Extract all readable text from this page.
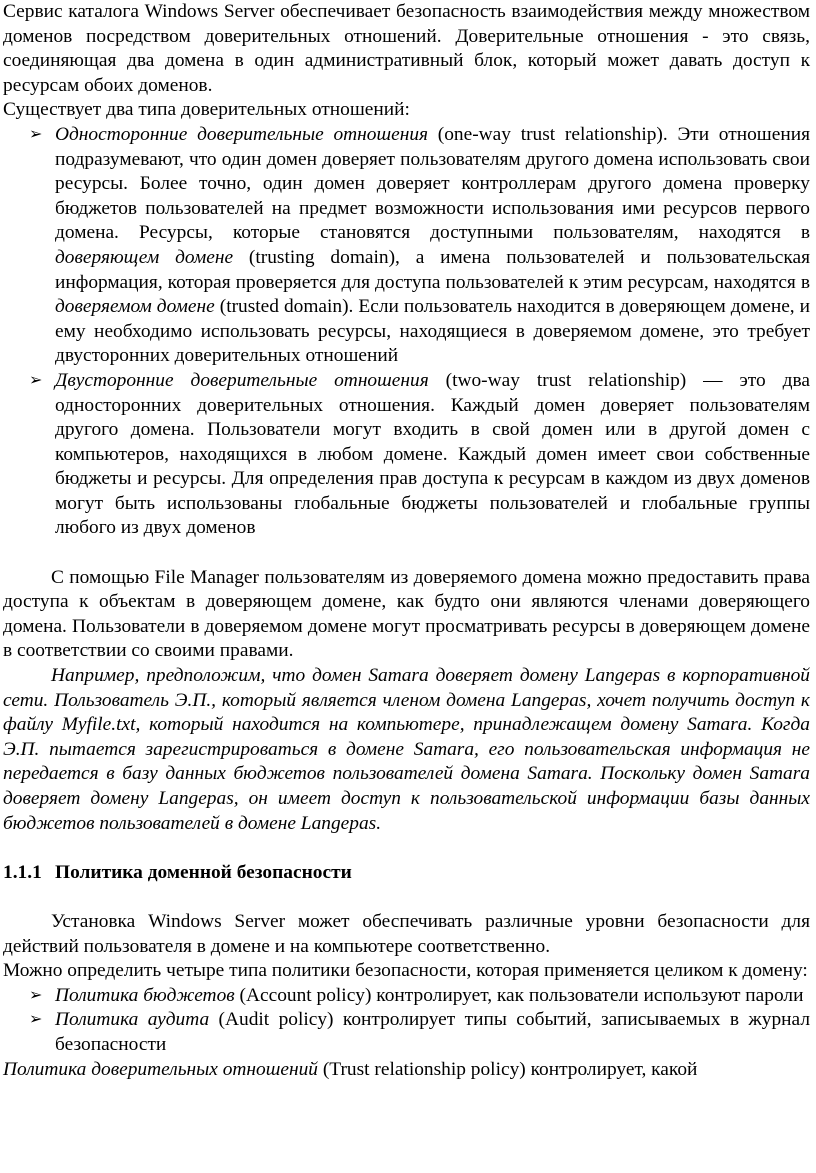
Сервис каталога Windows Server обеспечивает безопасность взаимодействия между множеством доменов посредством доверительных отношений. Доверительные отношения - это связь, соединяющая два домена в один административный блок, который может давать доступ к ресурсам обоих доменов.

Существует два типа доверительных отношений:

➢ Односторонние доверительные отношения (one-way trust relationship). Эти отношения подразумевают, что один домен доверяет пользователям другого домена использовать свои ресурсы. Более точно, один домен доверяет контроллерам другого домена проверку бюджетов пользователей на предмет возможности использования ими ресурсов первого домена. Ресурсы, которые становятся доступными пользователям, находятся в доверяющем домене (trusting domain), а имена пользователей и пользовательская информация, которая проверяется для доступа пользователей к этим ресурсам, находятся в доверяемом домене (trusted domain). Если пользователь находится в доверяющем домене, и ему необходимо использовать ресурсы, находящиеся в доверяемом домене, это требует двусторонних доверительных отношений
➢ Двусторонние доверительные отношения (two-way trust relationship) — это два односторонних доверительных отношения. Каждый домен доверяет пользователям другого домена. Пользователи могут входить в свой домен или в другой домен с компьютеров, находящихся в любом домене. Каждый домен имеет свои собственные бюджеты и ресурсы. Для определения прав доступа к ресурсам в каждом из двух доменов могут быть использованы глобальные бюджеты пользователей и глобальные группы любого из двух доменов

С помощью File Manager пользователям из доверяемого домена можно предоставить права доступа к объектам в доверяющем домене, как будто они являются членами доверяющего домена. Пользователи в доверяемом домене могут просматривать ресурсы в доверяющем домене в соответствии со своими правами.

Например, предположим, что домен Samara доверяет домену Langepas в корпоративной сети. Пользователь Э.П., который является членом домена Langepas, хочет получить доступ к файлу Myfile.txt, который находится на компьютере, принадлежащем домену Samara. Когда Э.П. пытается зарегистрироваться в домене Samara, его пользовательская информация не передается в базу данных бюджетов пользователей домена Samara. Поскольку домен Samara доверяет домену Langepas, он имеет доступ к пользовательской информации базы данных бюджетов пользователей в домене Langepas.

1.1.1 Политика доменной безопасности

Установка Windows Server может обеспечивать различные уровни безопасности для действий пользователя в домене и на компьютере соответственно.

Можно определить четыре типа политики безопасности, которая применяется целиком к домену:

➢ Политика бюджетов (Account policy) контролирует, как пользователи используют пароли
➢ Политика аудита (Audit policy) контролирует типы событий, записываемых в журнал безопасности

Политика доверительных отношений (Trust relationship policy) контролирует, какой
